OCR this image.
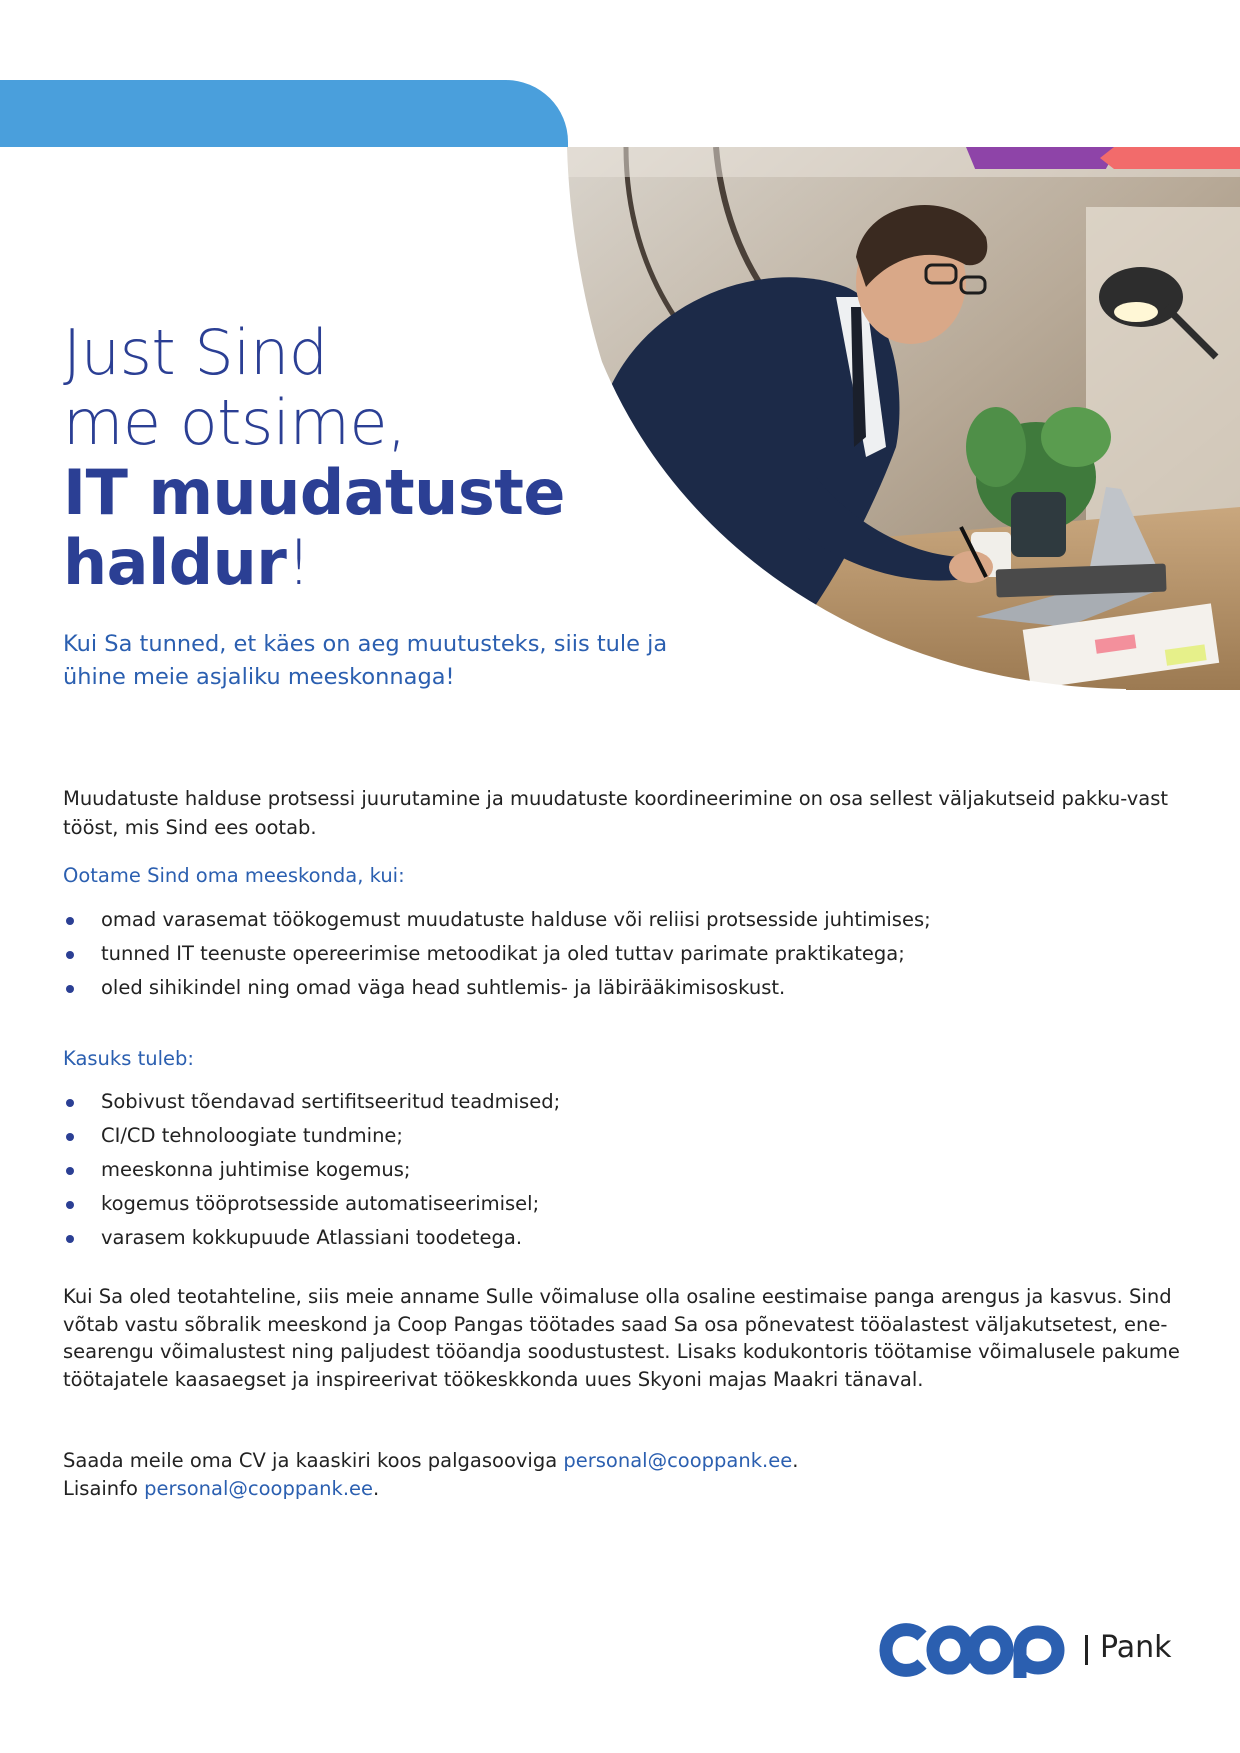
Just Sind
me otsime,
IT muudatuste
haldur!
Kui Sa tunned, et käes on aeg muutusteks, siis tule ja
ühine meie asjaliku meeskonnaga!

Muudatuste halduse protsessi juurutamine ja muudatuste koordineerimine on osa sellest väljakutseid pakku-vast tööst, mis Sind ees ootab.

Ootame Sind oma meeskonda, kui:
omad varasemat töökogemust muudatuste halduse või reliisi protsesside juhtimises;
tunned IT teenuste opereerimise metoodikat ja oled tuttav parimate praktikatega;
oled sihikindel ning omad väga head suhtlemis- ja läbirääkimisoskust.
Kasuks tuleb:
Sobivust tõendavad sertifitseeritud teadmised;
CI/CD tehnoloogiate tundmine;
meeskonna juhtimise kogemus;
kogemus tööprotsesside automatiseerimisel;
varasem kokkupuude Atlassiani toodetega.

Kui Sa oled teotahteline, siis meie anname Sulle võimaluse olla osaline eestimaise panga arengus ja kasvus. Sind võtab vastu sõbralik meeskond ja Coop Pangas töötades saad Sa osa põnevatest tööalastest väljakutsetest, ene-searengu võimalustest ning paljudest tööandja soodustustest. Lisaks kodukontoris töötamise võimalusele pakume töötajatele kaasaegset ja inspireerivat töökeskkonda uues Skyoni majas Maakri tänaval.

Saada meile oma CV ja kaaskiri koos palgasooviga personal@cooppank.ee.
Lisainfo personal@cooppank.ee.
Pank
